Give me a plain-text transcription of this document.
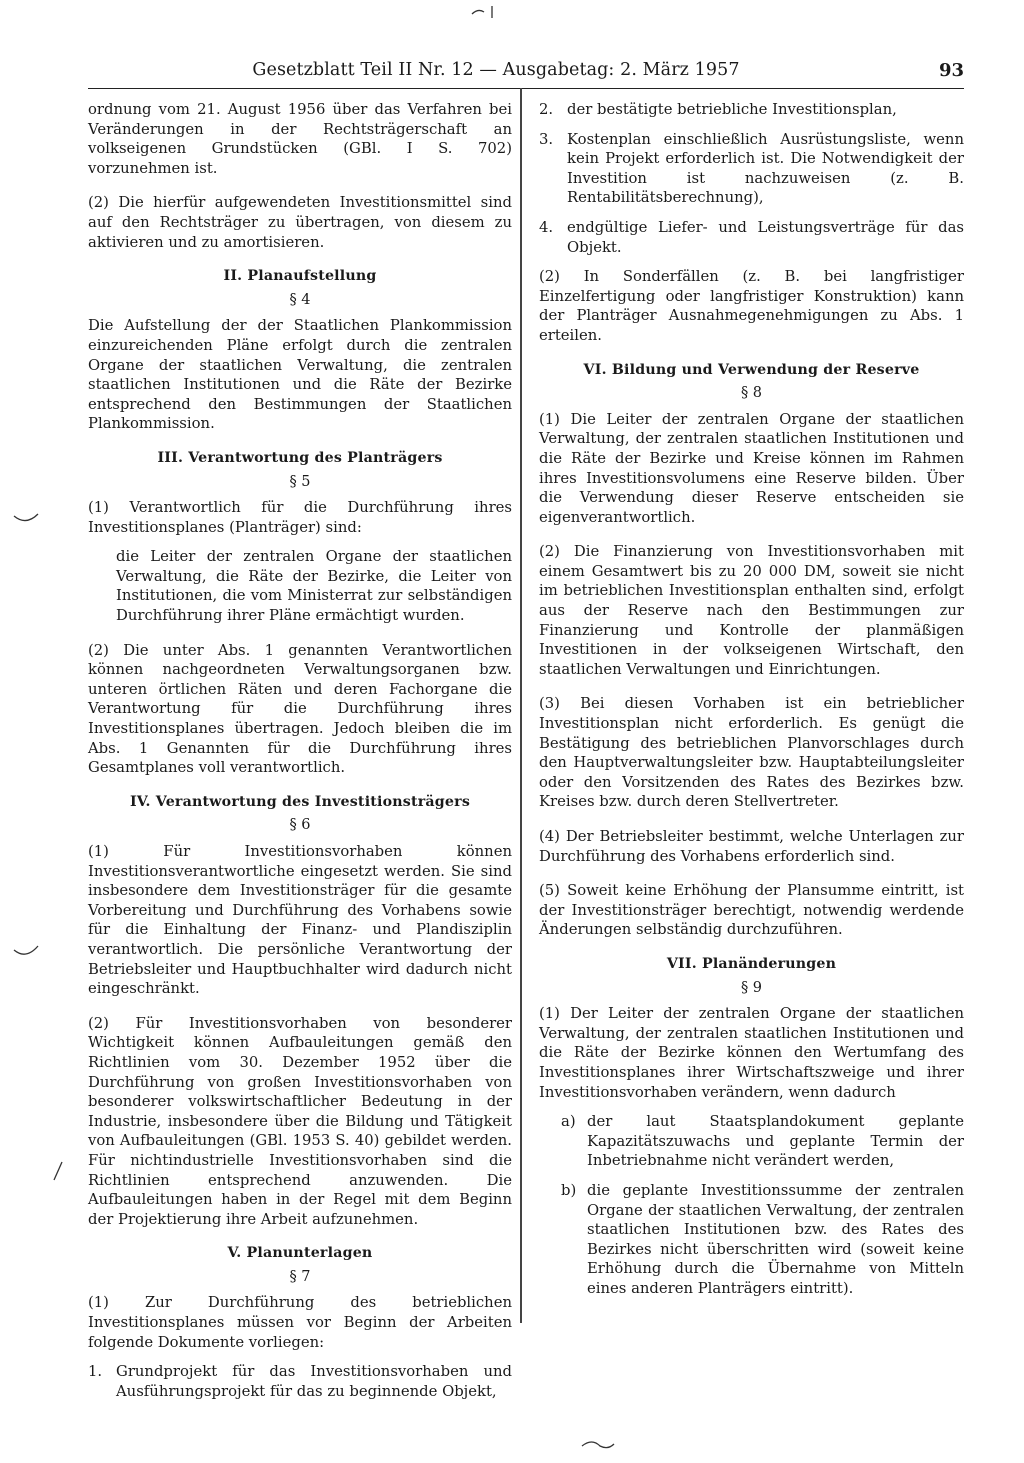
Gesetzblatt Teil II Nr. 12 — Ausgabetag: 2. März 1957	93

ordnung vom 21. August 1956 über das Verfahren bei Veränderungen in der Rechtsträgerschaft an volkseigenen Grundstücken (GBl. I S. 702) vorzunehmen ist.

(2) Die hierfür aufgewendeten Investitionsmittel sind auf den Rechtsträger zu übertragen, von diesem zu aktivieren und zu amortisieren.

II. Planaufstellung
§ 4

Die Aufstellung der der Staatlichen Plankommission einzureichenden Pläne erfolgt durch die zentralen Organe der staatlichen Verwaltung, die zentralen staatlichen Institutionen und die Räte der Bezirke entsprechend den Bestimmungen der Staatlichen Plankommission.

III. Verantwortung des Planträgers
§ 5

(1) Verantwortlich für die Durchführung ihres Investitionsplanes (Planträger) sind:

die Leiter der zentralen Organe der staatlichen Verwaltung, die Räte der Bezirke, die Leiter von Institutionen, die vom Ministerrat zur selbständigen Durchführung ihrer Pläne ermächtigt wurden.

(2) Die unter Abs. 1 genannten Verantwortlichen können nachgeordneten Verwaltungsorganen bzw. unteren örtlichen Räten und deren Fachorgane die Verantwortung für die Durchführung ihres Investitionsplanes übertragen. Jedoch bleiben die im Abs. 1 Genannten für die Durchführung ihres Gesamtplanes voll verantwortlich.

IV. Verantwortung des Investitionsträgers
§ 6

(1) Für Investitionsvorhaben können Investitionsverantwortliche eingesetzt werden. Sie sind insbesondere dem Investitionsträger für die gesamte Vorbereitung und Durchführung des Vorhabens sowie für die Einhaltung der Finanz- und Plandisziplin verantwortlich. Die persönliche Verantwortung der Betriebsleiter und Hauptbuchhalter wird dadurch nicht eingeschränkt.

(2) Für Investitionsvorhaben von besonderer Wichtigkeit können Aufbauleitungen gemäß den Richtlinien vom 30. Dezember 1952 über die Durchführung von großen Investitionsvorhaben von besonderer volkswirtschaftlicher Bedeutung in der Industrie, insbesondere über die Bildung und Tätigkeit von Aufbauleitungen (GBl. 1953 S. 40) gebildet werden. Für nichtindustrielle Investitionsvorhaben sind die Richtlinien entsprechend anzuwenden. Die Aufbauleitungen haben in der Regel mit dem Beginn der Projektierung ihre Arbeit aufzunehmen.

V. Planunterlagen
§ 7

(1) Zur Durchführung des betrieblichen Investitionsplanes müssen vor Beginn der Arbeiten folgende Dokumente vorliegen:

1. Grundprojekt für das Investitionsvorhaben und Ausführungsprojekt für das zu beginnende Objekt,
2. der bestätigte betriebliche Investitionsplan,
3. Kostenplan einschließlich Ausrüstungsliste, wenn kein Projekt erforderlich ist. Die Notwendigkeit der Investition ist nachzuweisen (z. B. Rentabilitätsberechnung),
4. endgültige Liefer- und Leistungsverträge für das Objekt.

(2) In Sonderfällen (z. B. bei langfristiger Einzelfertigung oder langfristiger Konstruktion) kann der Planträger Ausnahmegenehmigungen zu Abs. 1 erteilen.

VI. Bildung und Verwendung der Reserve
§ 8

(1) Die Leiter der zentralen Organe der staatlichen Verwaltung, der zentralen staatlichen Institutionen und die Räte der Bezirke und Kreise können im Rahmen ihres Investitionsvolumens eine Reserve bilden. Über die Verwendung dieser Reserve entscheiden sie eigenverantwortlich.

(2) Die Finanzierung von Investitionsvorhaben mit einem Gesamtwert bis zu 20 000 DM, soweit sie nicht im betrieblichen Investitionsplan enthalten sind, erfolgt aus der Reserve nach den Bestimmungen zur Finanzierung und Kontrolle der planmäßigen Investitionen in der volkseigenen Wirtschaft, den staatlichen Verwaltungen und Einrichtungen.

(3) Bei diesen Vorhaben ist ein betrieblicher Investitionsplan nicht erforderlich. Es genügt die Bestätigung des betrieblichen Planvorschlages durch den Hauptverwaltungsleiter bzw. Hauptabteilungsleiter oder den Vorsitzenden des Rates des Bezirkes bzw. Kreises bzw. durch deren Stellvertreter.

(4) Der Betriebsleiter bestimmt, welche Unterlagen zur Durchführung des Vorhabens erforderlich sind.

(5) Soweit keine Erhöhung der Plansumme eintritt, ist der Investitionsträger berechtigt, notwendig werdende Änderungen selbständig durchzuführen.

VII. Planänderungen
§ 9

(1) Der Leiter der zentralen Organe der staatlichen Verwaltung, der zentralen staatlichen Institutionen und die Räte der Bezirke können den Wertumfang des Investitionsplanes ihrer Wirtschaftszweige und ihrer Investitionsvorhaben verändern, wenn dadurch

a) der laut Staatsplandokument geplante Kapazitätszuwachs und geplante Termin der Inbetriebnahme nicht verändert werden,
b) die geplante Investitionssumme der zentralen Organe der staatlichen Verwaltung, der zentralen staatlichen Institutionen bzw. des Rates des Bezirkes nicht überschritten wird (soweit keine Erhöhung durch die Übernahme von Mitteln eines anderen Planträgers eintritt).
